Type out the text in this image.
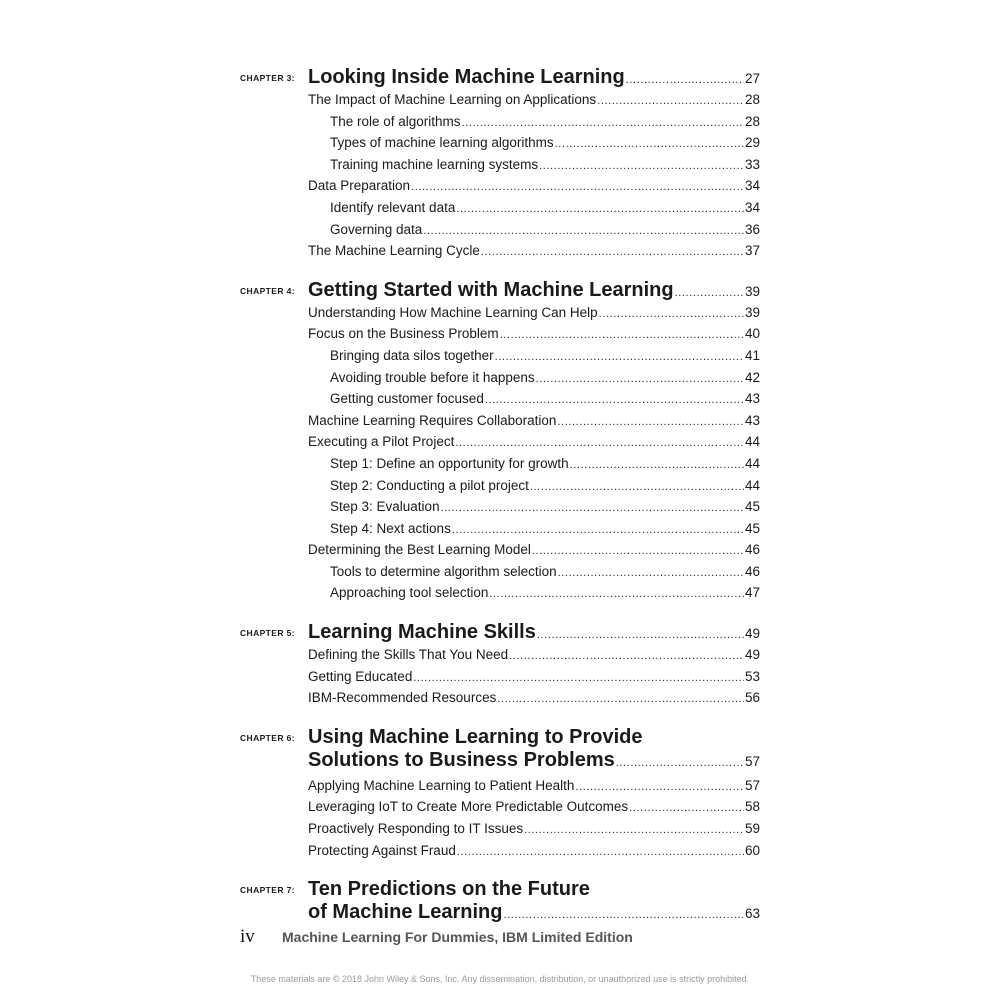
CHAPTER 3: Looking Inside Machine Learning .....	27
The Impact of Machine Learning on Applications .....	28
The role of algorithms .....	28
Types of machine learning algorithms .....	29
Training machine learning systems .....	33
Data Preparation .....	34
Identify relevant data .....	34
Governing data .....	36
The Machine Learning Cycle .....	37
CHAPTER 4: Getting Started with Machine Learning .....	39
Understanding How Machine Learning Can Help .....	39
Focus on the Business Problem .....	40
Bringing data silos together .....	41
Avoiding trouble before it happens .....	42
Getting customer focused .....	43
Machine Learning Requires Collaboration .....	43
Executing a Pilot Project .....	44
Step 1: Define an opportunity for growth .....	44
Step 2: Conducting a pilot project .....	44
Step 3: Evaluation .....	45
Step 4: Next actions .....	45
Determining the Best Learning Model .....	46
Tools to determine algorithm selection .....	46
Approaching tool selection .....	47
CHAPTER 5: Learning Machine Skills .....	49
Defining the Skills That You Need .....	49
Getting Educated .....	53
IBM-Recommended Resources .....	56
CHAPTER 6: Using Machine Learning to Provide
Solutions to Business Problems .....	57
Applying Machine Learning to Patient Health .....	57
Leveraging IoT to Create More Predictable Outcomes .....	58
Proactively Responding to IT Issues .....	59
Protecting Against Fraud .....	60
CHAPTER 7: Ten Predictions on the Future
of Machine Learning .....	63
iv	Machine Learning For Dummies, IBM Limited Edition
These materials are © 2018 John Wiley & Sons, Inc. Any dissemination, distribution, or unauthorized use is strictly prohibited.
